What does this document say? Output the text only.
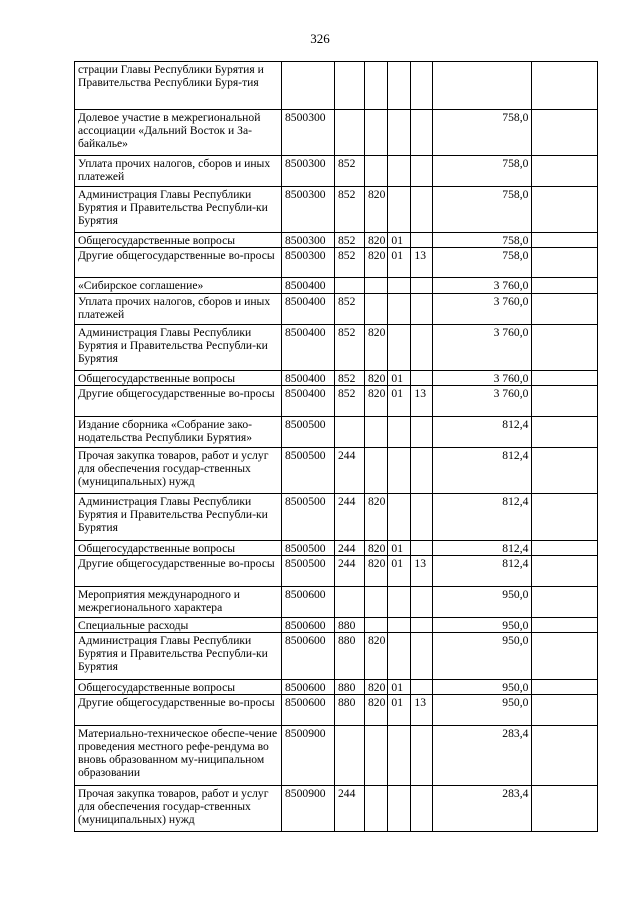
326
страции Главы Республики Бурятия и Правительства Республики Буря-тия							
Долевое участие в межрегиональной ассоциации «Дальний Восток и За-байкалье»	8500300					758,0	
Уплата прочих налогов, сборов и иных платежей	8500300	852				758,0	
Администрация Главы Республики Бурятия и Правительства Республи-ки Бурятия	8500300	852	820			758,0	
Общегосударственные вопросы	8500300	852	820	01		758,0	
Другие общегосударственные во-просы	8500300	852	820	01	13	758,0	
«Сибирское соглашение»	8500400					3 760,0	
Уплата прочих налогов, сборов и иных платежей	8500400	852				3 760,0	
Администрация Главы Республики Бурятия и Правительства Республи-ки Бурятия	8500400	852	820			3 760,0	
Общегосударственные вопросы	8500400	852	820	01		3 760,0	
Другие общегосударственные во-просы	8500400	852	820	01	13	3 760,0	
Издание сборника «Собрание зако-нодательства Республики Бурятия»	8500500					812,4	
Прочая закупка товаров, работ и услуг для обеспечения государ-ственных (муниципальных) нужд	8500500	244				812,4	
Администрация Главы Республики Бурятия и Правительства Республи-ки Бурятия	8500500	244	820			812,4	
Общегосударственные вопросы	8500500	244	820	01		812,4	
Другие общегосударственные во-просы	8500500	244	820	01	13	812,4	
Мероприятия международного и межрегионального характера	8500600					950,0	
Специальные расходы	8500600	880				950,0	
Администрация Главы Республики Бурятия и Правительства Республи-ки Бурятия	8500600	880	820			950,0	
Общегосударственные вопросы	8500600	880	820	01		950,0	
Другие общегосударственные во-просы	8500600	880	820	01	13	950,0	
Материально-техническое обеспе-чение проведения местного рефе-рендума во вновь образованном му-ниципальном образовании	8500900					283,4	
Прочая закупка товаров, работ и услуг для обеспечения государ-ственных (муниципальных) нужд	8500900	244				283,4	
